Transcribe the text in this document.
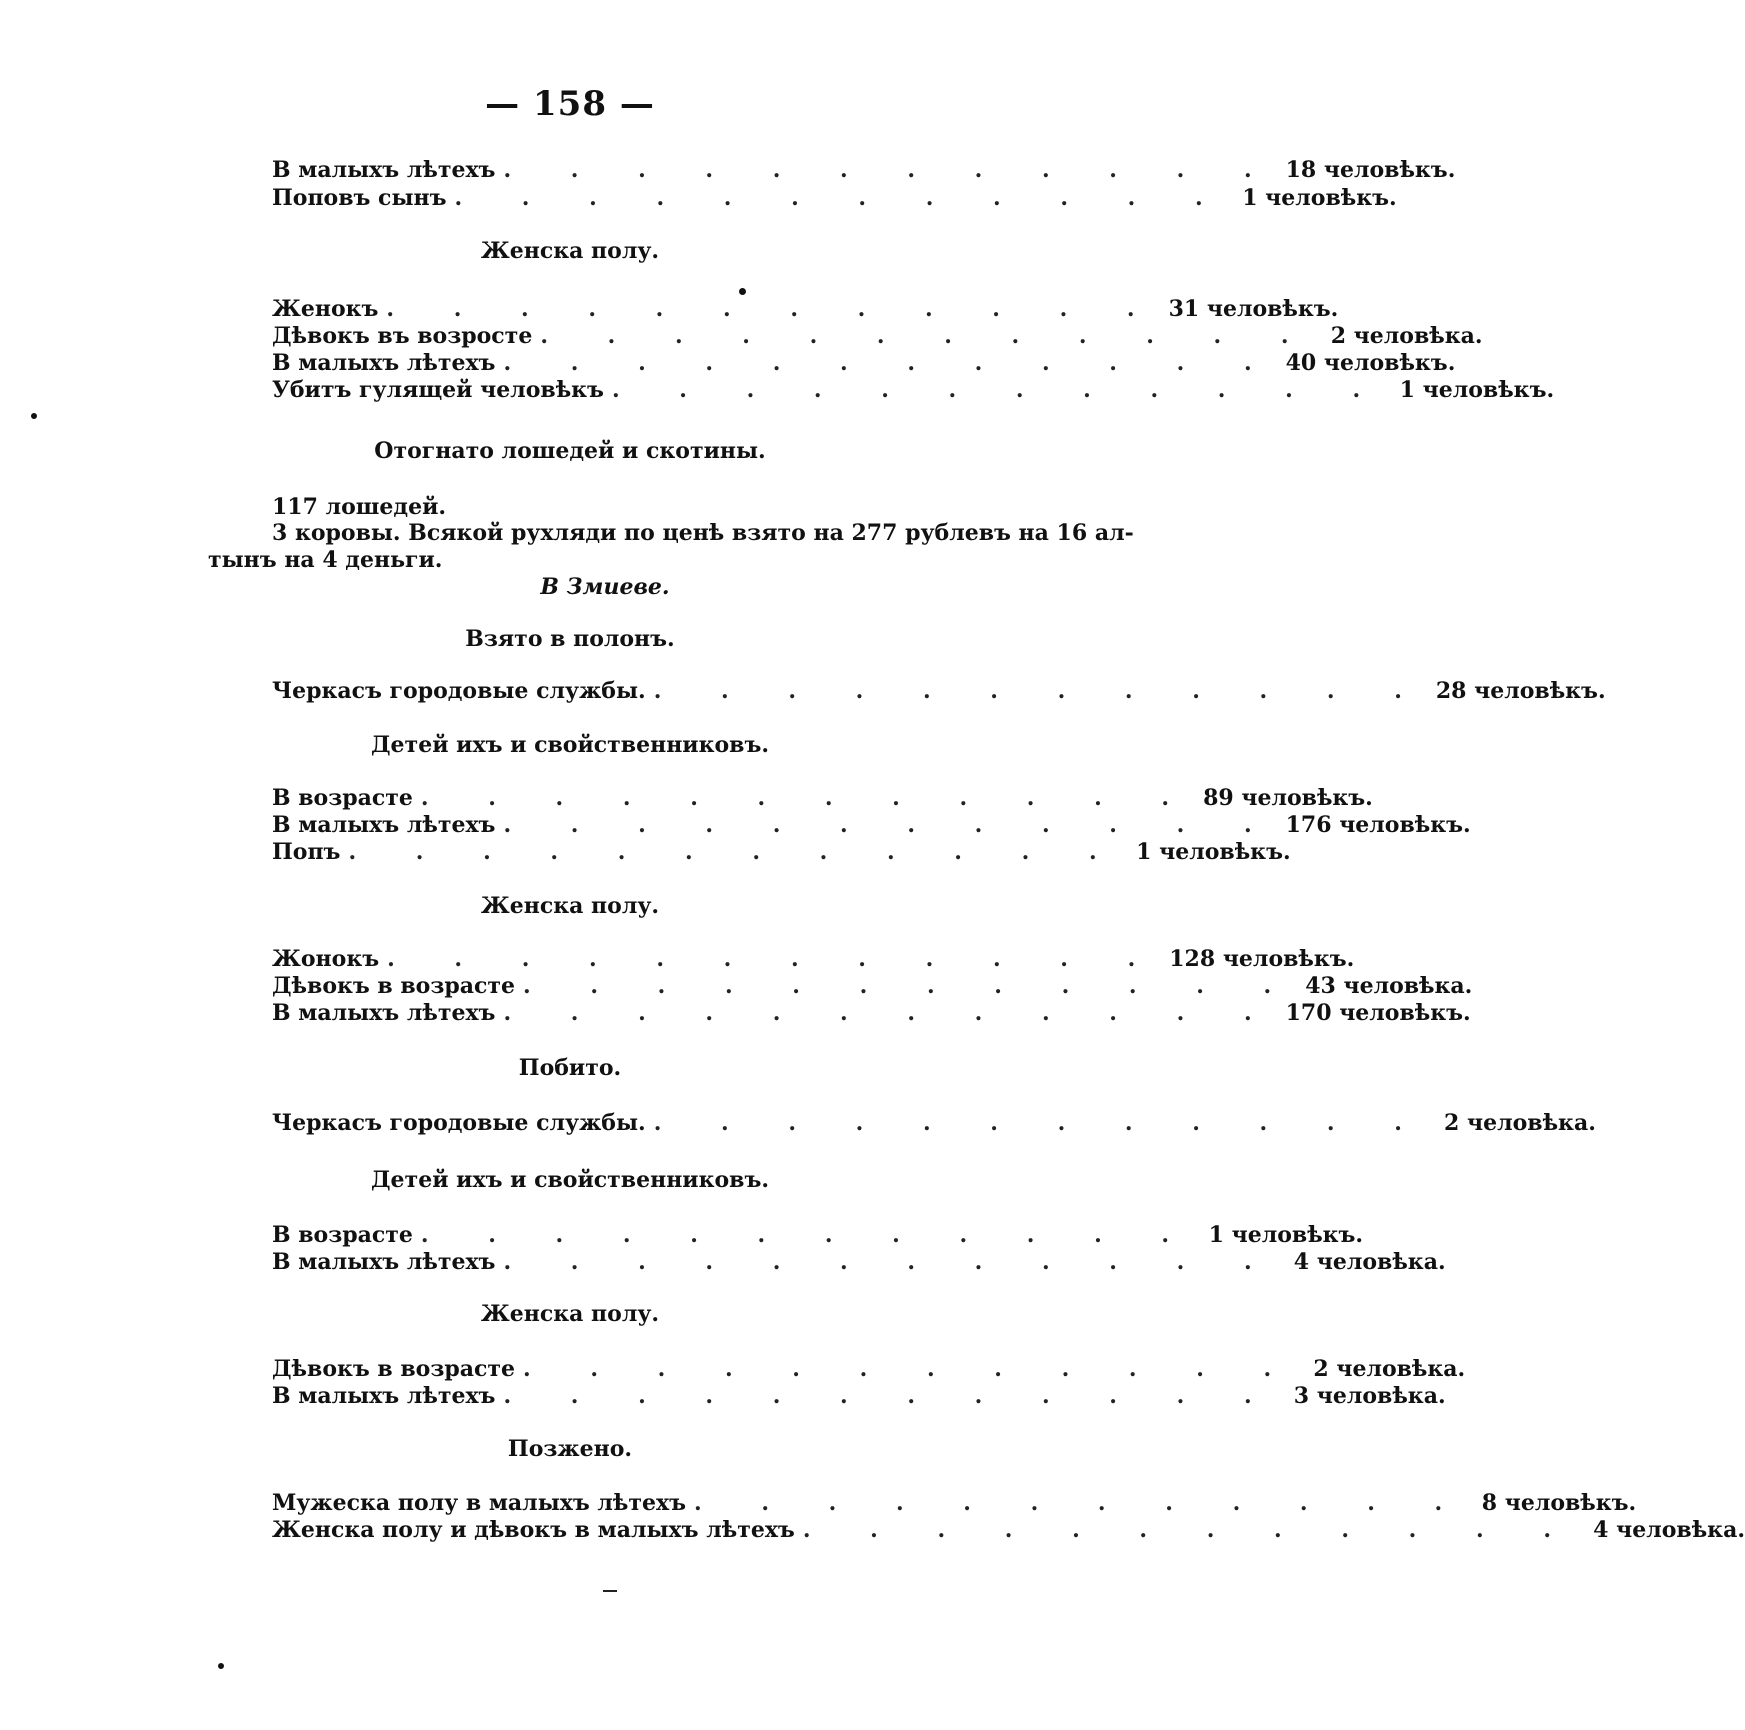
— 158 —
В малыхъ лѣтехъ . . . . . . . . . . . . 18 человѣкъ.
Поповъ сынъ . . . . . . . . . . . . 1 человѣкъ.
Женска полу.
Женокъ . . . . . . . . . . . . 31 человѣкъ.
Дѣвокъ въ возросте . . . . . . . . . . . . 2 человѣка.
В малыхъ лѣтехъ . . . . . . . . . . . . 40 человѣкъ.
Убитъ гулящей человѣкъ . . . . . . . . . . . . 1 человѣкъ.
Отогнато лошедей и скотины.
117 лошедей.
3 коровы. Всякой рухляди по ценѣ взято на 277 рублевъ на 16 ал-
тынъ на 4 деньги.
В Змиеве.
Взято в полонъ.
Черкасъ городовые службы. . . . . . . . . . . . . 28 человѣкъ.
Детей ихъ и свойственниковъ.
В возрасте . . . . . . . . . . . . 89 человѣкъ.
В малыхъ лѣтехъ . . . . . . . . . . . . 176 человѣкъ.
Попъ . . . . . . . . . . . . 1 человѣкъ.
Женска полу.
Жонокъ . . . . . . . . . . . . 128 человѣкъ.
Дѣвокъ в возрасте . . . . . . . . . . . . 43 человѣка.
В малыхъ лѣтехъ . . . . . . . . . . . . 170 человѣкъ.
Побито.
Черкасъ городовые службы. . . . . . . . . . . . . 2 человѣка.
Детей ихъ и свойственниковъ.
В возрасте . . . . . . . . . . . . 1 человѣкъ.
В малыхъ лѣтехъ . . . . . . . . . . . . 4 человѣка.
Женска полу.
Дѣвокъ в возрасте . . . . . . . . . . . . 2 человѣка.
В малыхъ лѣтехъ . . . . . . . . . . . . 3 человѣка.
Позжено.
Мужеска полу в малыхъ лѣтехъ . . . . . . . . . . . . 8 человѣкъ.
Женска полу и дѣвокъ в малыхъ лѣтехъ . . . . . . . . . . . . 4 человѣка.
